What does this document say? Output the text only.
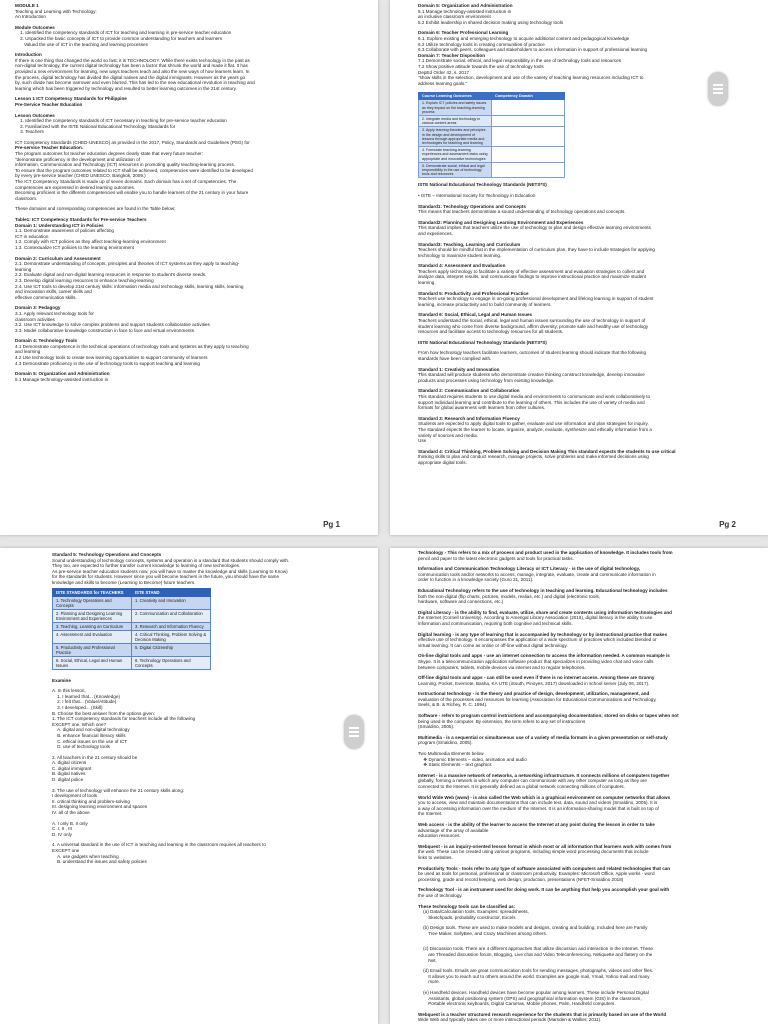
MODULE 1

Teaching and Learning with Technology:

An Introduction

Module Outcomes

1. Identified the competency standards of ICT for teaching and learning in pre-service teacher education

2. Unpacked the basic concepts of ICT to provide common understanding for teachers and learners

Valued the use of ICT in the teaching and learning processes

Introduction

If there is one thing that changed the world so fast, it is TECHNOLOGY. While there exists technology in the past as

non-digital technology, the current digital technology has been a factor that shrunk the world and made it flat. It has

provided a new environment for learning, new ways teachers teach and also the new ways of how learners learn. In

the process, digital technology has divided the digital natives and the digital immigrants. However as the years go

by, such divide has become narrower and even blurred. This has led to the new educational revolution in teaching and

learning which has been triggered by technology and resulted to better learning outcomes in the 21st century.

Lesson 1 ICT Competency Standards for Philippine

Pre-Service Teacher Education

Lesson Outcomes

1. Identified the competency standards of ICT necessary in teaching for pre-service teacher education

2. Familiarized with the ISTE National Educational Technology Standards for

3. Teachers

ICT Competency Standards (CHED-UNESCO) as provided in the 2017, Policy, Standards and Guidelines (PSG) for

Pre-service Teacher Education.

The program outcomes for teacher education degrees clearly state that every future teacher:

"demonstrate proficiency in the development and utilization of

information, Communication and Technology (ICT) resources in promoting quality teaching-learning process.

To ensure that the program outcomes related to ICT shall be achieved, competencies were identified to be developed

by every pre-service teacher (CHED UNESCO, Bangkok, 2009.)

The ICT Competency Standards is made up of seven domains. Each domain has a set of competencies. The

competencies are expressed in desired learning outcomes.

Becoming proficient in the different competencies will enable you to handle learners of the 21 century in your future

classroom.

These domains and corresponding competencies are found in the Table below:

Table1: ICT Competency Standards for Pre-service Teachers

Domain 1: Understanding ICT in Policies

1.1. Demonstrate awareness of policies affecting

ICT in education

1.2. Comply with ICT policies as they affect teaching-learning environment

1.3. Contextualize ICT policies to the learning environment

Domain 2: Curriculum and Assessment

2.1. Demonstrate understanding of concepts, principles and theories of ICT systems as they apply to teaching-

learning

2.2. Evaluate digital and non-digital learning resources in response to student's diverse needs.

2.3. Develop digital learning resources to enhance teaching-learning

2.4. Use ICT tools to develop 21st century skills: information media and technology skills, learning skills, learning

and innovation skills, career skills and

effective communication skills.

Domain 3: Pedagogy

3.1. Apply relevant technology tools for

classroom activities

3.2. Use ICT knowledge to solve complex problems and support students collaborative activities

3.3. Model collaborative knowledge construction in face to face and virtual environments

Domain 4: Technology Tools

4.1 Demonstrate competence in the technical operations of technology tools and systems as they apply to teaching

and learning

4.2 Use technology tools to create new learning opportunities to support community of learners

4.3 Demonstrate proficiency in the use of technology tools to support teaching and learning

Domain 5: Organization and Administration

5.1 Manage technology-assisted instruction in

Pg 1

Domain 5: Organization and Administration

5.1 Manage technology-assisted instruction in

an inclusive classroom environment

5.2 Exhibit leadership in shared decision making using technology tools

Domain 6: Teacher Professional Learning

6.1. Explore existing and emerging technology to acquire additional content and pedagogical knowledge

6.2 Utilize technology tools in creating communities of practice

6.3 Collaborate with peers, colleagues and stakeholders to access information in support of professional learning

Domain 7: Teacher Disposition

7.1 Demonstrate social, ethical, and legal responsibility in the use of technology tools and resources

7.2 Show positive attitude towards the use of technology tools

DepEd Order 42, s. 2017

"show skills in the selection, development and use of the variety of teaching learning resources including ICT to

address learning goals."

Course Learning Outcomes	Competency Domain
1. Explain ICT policies and safety issues as they impact on the teaching-learning process	
2. Integrate media and technology in various content areas	
3. Apply learning theories and principles in the design and development of lessons through appropriate media and technologies for teaching and learning	
4. Formulate teaching-learning experiences and assessment tasks using appropriate and innovative technologies	
5. Demonstrate social, ethical and legal responsibility in the use of technology tools and resources	

ISTE National Educational Technology Standards (NETS*S)

• ISTE – International Society for Technology in Education

Standard1: Technology Operations and Concepts

This means that teachers demonstrate a sound understanding of technology operations and concepts.

Standard2: Planning and Designing Learning Environment and Experiences

This standard implies that teachers utilize the use of technology to plan and design effective learning environments

and experiences.

Standard3: Teaching, Learning and Curriculum

Teachers should be mindful that in the implementation of curriculum plan, they have to include strategies for applying

technology to maximize student learning.

Standard 4: Assessment and Evaluation

Teachers apply technology to facilitate a variety of effective assessment and evaluation strategies to collect and

analyze data, interpret results, and communicate findings to improve instructional practice and maximize student

learning.

Standard 5: Productivity and Professional Practice

Teachers use technology to engage in on-going professional development and lifelong learning in support of student

learning, increase productivity and to build community of learners.

Standard 6: Social, Ethical, Legal and Human Issues

Teachers understand the social, ethical, legal and human issues surrounding the use of technology in support of

student learning who come from diverse background, affirm diversity, promote safe and healthy use of technology

resources and facilitate access to technology resources for all students.

ISTE National Educational Technology Standards (NETS*S)

From how technology teachers facilitate learners, outcomes of student learning should indicate that the following

standards have been complied with.

Standard 1: Creativity and Innovation

This standard will produce students who demonstrate creative thinking construct knowledge, develop innovative

products and processes using technology from existing knowledge.

Standard 2: Communication and Collaboration

This standard requires students to use digital media and environments to communicate and work collaboratively to

support individual learning and contribute to the learning of others. This includes the use of variety of media and

formats for global awareness with learners from other cultures.

Standard 3: Research and Information Fluency

Students are expected to apply digital tools to gather, evaluate and use information and plan strategies for inquiry.

The standard expects the learner to locate, organize, analyze, evaluate, synthesize and ethically information from a

variety of sources and media.

Use

Standard 4: Critical Thinking, Problem Solving and Decision Making This standard expects the students to use critical

thinking skills to plan and conduct research, manage projects, solve problems and make informed decisions using

appropriate digital tools.

Pg 2

Standard 5: Technology Operations and Concepts

Sound understanding of technology concepts, systems and operation is a standard that students should comply with.

They too, are expected to further transfer current knowledge to learning of new technologies.

As pre-service teacher education students now, you will have to master the knowledge and skills (Learning to Know)

for the standards for students. However since you will become teachers in the future, you should have the same

knowledge and skills to become (Learning to Become) future teachers.

ISTE STANDARDS for TEACHERS	ISTE STAND
1. Technology Operations and Concepts	1. Creativity and Innovation
2. Planning and Designing Learning Environment and Experiences	2. Communication and Collaboration
3. Teaching, Learning an Curriculum	3. Research and Information Fluency
4. Assessment and Evaluation	4. Critical Thinking, Problem Solving & Decision Making
5. Productivity and Professional Practice	5. Digital Citizenship
6. Social, Ethical, Legal and Human Issues	6. Technology Operations and Concepts

Examine

A. In this lesson,

1. I learned that... (Knowledge)

2. I felt that... (Value/Attitude)

3. I developed... (Skill)

B. Choose the best answer from the options given:

1. The ICT competency standards for teachers include all the following

EXCEPT one. Which one?

A. digital and non-digital technology

B. enhance financial literacy skills

C. ethical issues on the use of ICT

D. use of technology tools

2. All teachers in the 21 century should be

A. digital citizens

C. digital immigrant

B. digital natives

D. digital police

3. The use of technology will enhance the 21 century skills along:

I development of tools

II. critical thinking and problem-solving

III. designing learning environment and spaces

IV. all of the above

A. I only B. II only

C. I, II , III

D. IV only

4. A universal standard in the use of ICT in teaching and learning in the classroom requires all teachers to

EXCEPT one

A. use gadgets when teaching

B. understand the issues and safety policies

Technology - This refers to a mix of process and product used in the application of knowledge. It includes tools from

pencil and paper to the latest electronic gadgets and tools for practical tasks.

Information and Communication Technology Literacy or ICT Literacy - is the use of digital technology,

communication tools and/or networks to access, manage, integrate, evaluate, create and communicate information in

order to function in a knowledge society (Guro 21, 2011).

Educational Technology refers to the use of technology in teaching and learning. Educational technology includes

both the non-digital (flip charts, pictures, models, realias, etc.) and digital (electronic tools,

hardware, software and connections, etc.)

Digital Literacy - is the ability to find, evaluate, utilize, share and create contents using information technologies and

the Internet (Cornell University). According to Amerigal Library Association (2016), digital literacy is the ability to use

information and communication, requiring both cognitive and technical skills.

Digital learning - is any type of learning that is accompanied by technology or by instructional practice that makes

effective use of technology. It encompasses the application of a wide spectrum of practices which included blended or

virtual learning. It can come as online or off-line without digital technology.

On-line digital tools and apps - use an internet connection to access the information needed. A common example is

Skype. It is a telecommunication application software product that specializes in providing video chat and voice calls

between computers, tablets, mobile devices via internet and to regular telephones.

Off-line digital tools and apps - can still be used even if there is no internet access. Among these are Granny

Learning, Pocket, Evernote, Basha, KA UTE (iSouth, Pinoyes, 2017) downloaded in school server (July 06, 2017).

Instructional technology - is the theory and practice of design, development, utilization, management, and

evaluation of the processes and resources for learning (Association for Educational Communications and Technology,

Seels, & B. & Richey, R. C. 1994).

Software - refers to program control instructions and accompanying documentation; stored on disks or tapes when not

being used in the computer. By extension, the term refers to any set of instructions

(Smaldino, 2005).

Multimedia - is a sequential or simultaneous use of a variety of media formats in a given presentation or self-study

program (Smaldino, 2005).

Two Multimedia Elements below

❖ Dynamic Elements – video, animation and audio

❖ Static Elements – text graphics

Internet - is a massive network of networks, a networking infrastructure. It connects millions of computers together

globally, forming a network in which any computer can communicate with any other computer as long as they are

connected to the Internet. It is generally defined as a global network connecting millions of computers.

World Wide Web (www) - is also called the Web which is a graphical environment on computer networks that allows

you to access, view and maintain documentations that can include text, data, sound and videos (Smaldino, 2005). It is

a way of accessing information over the medium of the Internet. It is an information-sharing model that is built on top of

the Internet.

Web access - is the ability of the learner to access the Internet at any point during the lesson in order to take

advantage of the array of available

education resources.

Webquest - is an inquiry-oriented lesson format in which most or all information that learners work with comes from

the web. These can be created using various programs, including simple word processing documents that include

links to websites.

Productivity Tools - tools refer to any type of software associated with computers and related technologies that can

be used as tools for personal, professional or classroom productivity. Examples: Microsoft Office, Apple works - word

processing, grade and record keeping, web design, production, presentations (NFET-Smaldino 2018)

Technology Tool - is an instrument used for doing work. It can be anything that help you accomplish your goal with

the use of technology.

These technology tools can be classified as:

(a) Data/Calculation tools. Examples: spreadsheets,

Sketchpads, probability constructor, Excels

(b) Design tools. These are used to make models and designs, creating and building. Included here are Family

Tree Maker, SollyBee, and Crazy Machines among others.

(c) Discussion tools. There are 4 different approaches that utilize discussion and interaction in the Internet. These

are Threaded discussion forum, Blogging, Live chat and Video Teleconferencing. Netiquette and flattery on the

Net.

(d) Email tools. Emails are great communication tools for sending messages, photographs, videos and other files.

It allows you to reach out to others around the world. Examples are google mail, Ymail, Yahoo mail and many

more.

(e) Handheld devices. Handheld devices have become popular among learners. These include Personal Digital

Assistants, global positioning system (GPS) and geographical information system (GIS) in the classroom,

Portable electronic keyboards, Digital Cameras, Mobile phones, Palm, Handheld computers.

Webquest is a teacher structured research experience for the students that is primarily based on use of the World

Wide Web and typically takes one or more instructional periods (Marsden & Walker, 2011).
